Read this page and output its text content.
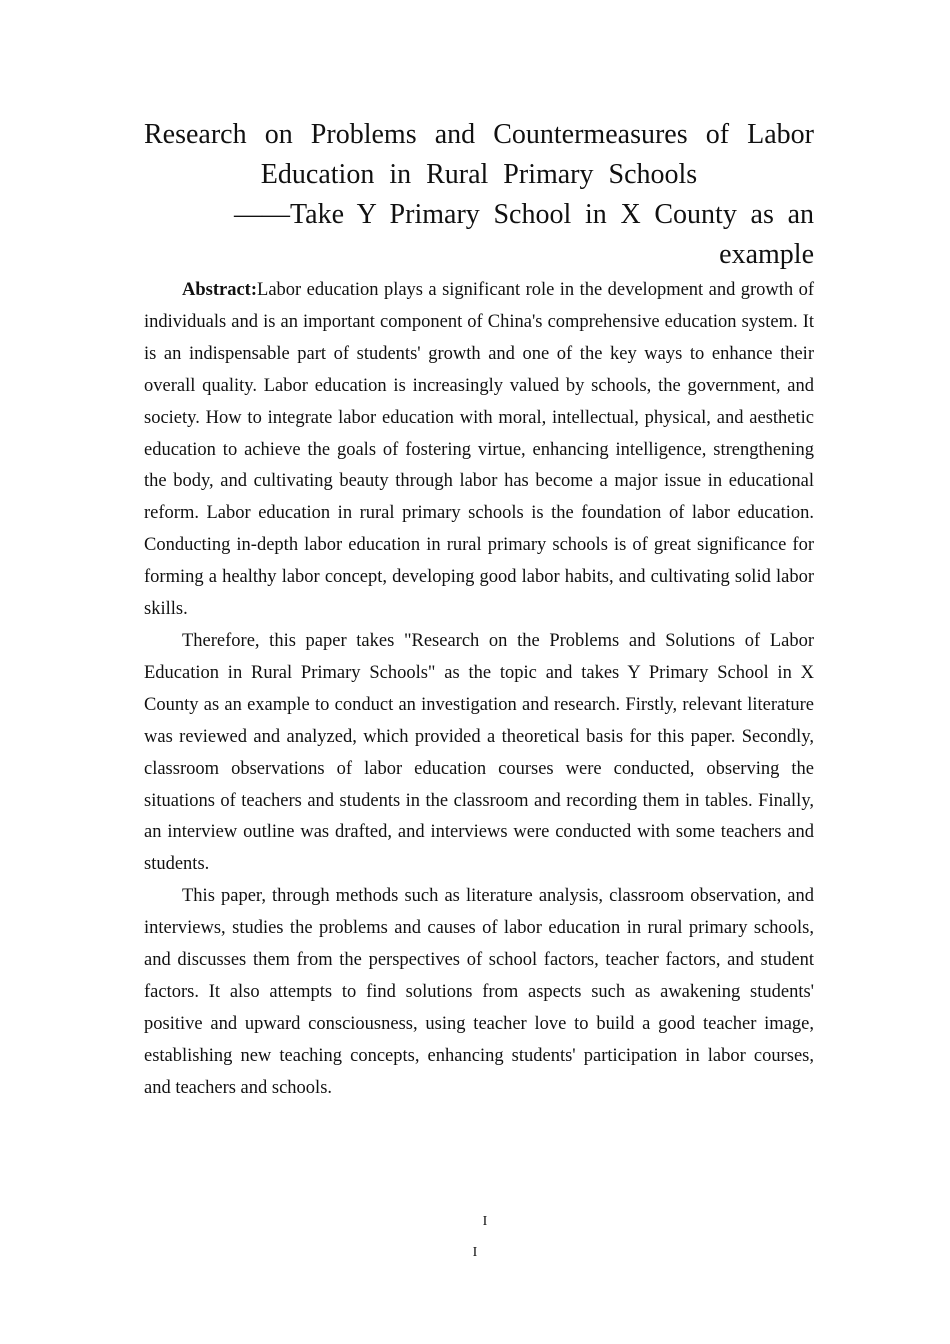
Research on Problems and Countermeasures of Labor
Education in Rural Primary Schools
——Take Y Primary School in X County as an
example

Abstract:Labor education plays a significant role in the development and growth of individuals and is an important component of China's comprehensive education system. It is an indispensable part of students' growth and one of the key ways to enhance their overall quality. Labor education is increasingly valued by schools, the government, and society. How to integrate labor education with moral, intellectual, physical, and aesthetic education to achieve the goals of fostering virtue, enhancing intelligence, strengthening the body, and cultivating beauty through labor has become a major issue in educational reform. Labor education in rural primary schools is the foundation of labor education. Conducting in-depth labor education in rural primary schools is of great significance for forming a healthy labor concept, developing good labor habits, and cultivating solid labor skills.

Therefore, this paper takes "Research on the Problems and Solutions of Labor Education in Rural Primary Schools" as the topic and takes Y Primary School in X County as an example to conduct an investigation and research. Firstly, relevant literature was reviewed and analyzed, which provided a theoretical basis for this paper. Secondly, classroom observations of labor education courses were conducted, observing the situations of teachers and students in the classroom and recording them in tables. Finally, an interview outline was drafted, and interviews were conducted with some teachers and students.

This paper, through methods such as literature analysis, classroom observation, and interviews, studies the problems and causes of labor education in rural primary schools, and discusses them from the perspectives of school factors, teacher factors, and student factors. It also attempts to find solutions from aspects such as awakening students' positive and upward consciousness, using teacher love to build a good teacher image, establishing new teaching concepts, enhancing students' participation in labor courses, and teachers and schools.

I
I
